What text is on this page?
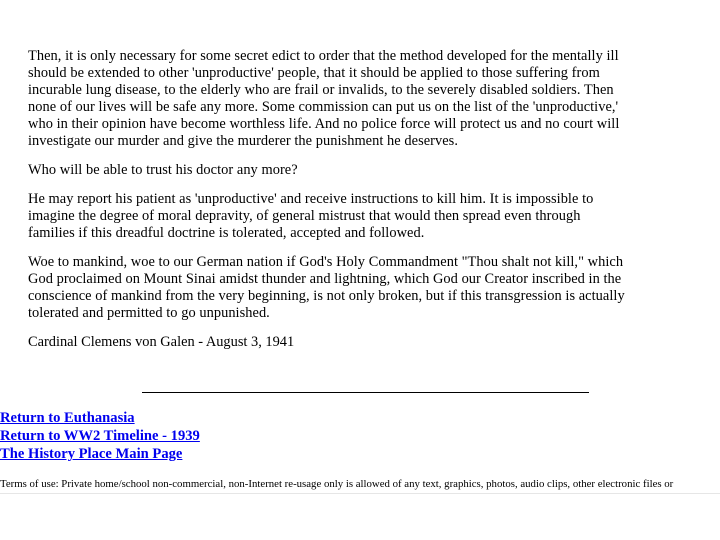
Then, it is only necessary for some secret edict to order that the method developed for the mentally ill
should be extended to other 'unproductive' people, that it should be applied to those suffering from
incurable lung disease, to the elderly who are frail or invalids, to the severely disabled soldiers. Then
none of our lives will be safe any more. Some commission can put us on the list of the 'unproductive,'
who in their opinion have become worthless life. And no police force will protect us and no court will
investigate our murder and give the murderer the punishment he deserves.

Who will be able to trust his doctor any more?

He may report his patient as 'unproductive' and receive instructions to kill him. It is impossible to
imagine the degree of moral depravity, of general mistrust that would then spread even through
families if this dreadful doctrine is tolerated, accepted and followed.

Woe to mankind, woe to our German nation if God's Holy Commandment "Thou shalt not kill," which
God proclaimed on Mount Sinai amidst thunder and lightning, which God our Creator inscribed in the
conscience of mankind from the very beginning, is not only broken, but if this transgression is actually
tolerated and permitted to go unpunished.

Cardinal Clemens von Galen - August 3, 1941

Return to Euthanasia
Return to WW2 Timeline - 1939
The History Place Main Page
Terms of use: Private home/school non-commercial, non-Internet re-usage only is allowed of any text, graphics, photos, audio clips, other electronic files or
